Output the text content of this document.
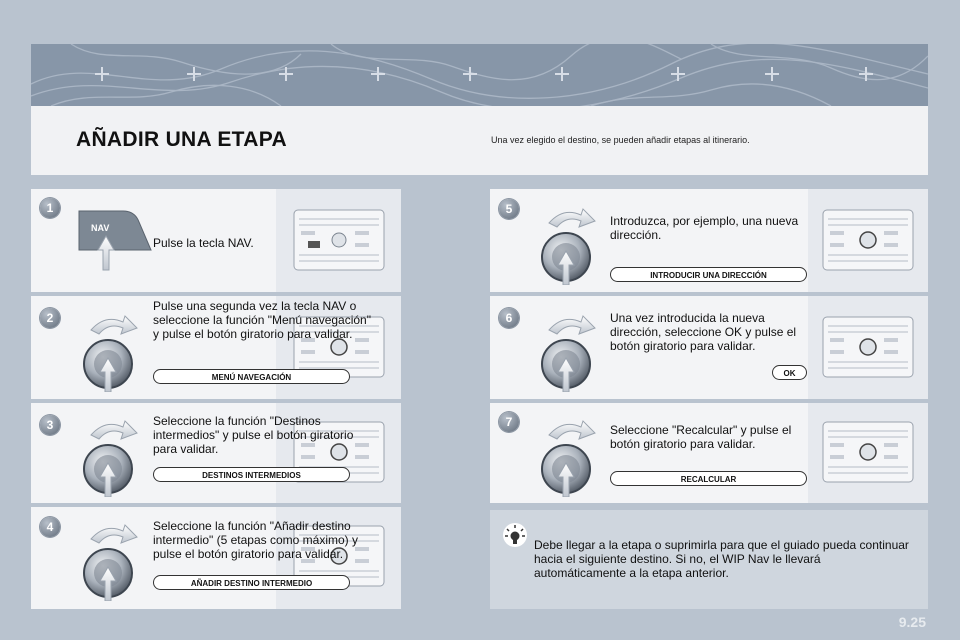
AÑADIR UNA ETAPA	Una vez elegido el destino, se pueden añadir etapas al itinerario.
1
NAV
Pulse la tecla NAV.
2
Pulse una segunda vez la tecla NAV o seleccione la función "Menú navegación" y pulse el botón giratorio para validar.
MENÚ NAVEGACIÓN
3	Seleccione la función "Destinos intermedios" y pulse el botón giratorio para validar.
DESTINOS INTERMEDIOS
4	Seleccione la función "Añadir destino intermedio" (5 etapas como máximo) y pulse el botón giratorio para validar.
AÑADIR DESTINO INTERMEDIO
5
Introduzca, por ejemplo, una nueva dirección.
INTRODUCIR UNA DIRECCIÓN
6	Una vez introducida la nueva dirección, seleccione OK y pulse el botón giratorio para validar.
OK
7
Seleccione "Recalcular" y pulse el botón giratorio para validar.
RECALCULAR
Debe llegar a la etapa o suprimirla para que el guiado pueda continuar hacia el siguiente destino. Si no, el WIP Nav le llevará automáticamente a la etapa anterior.
9.25
